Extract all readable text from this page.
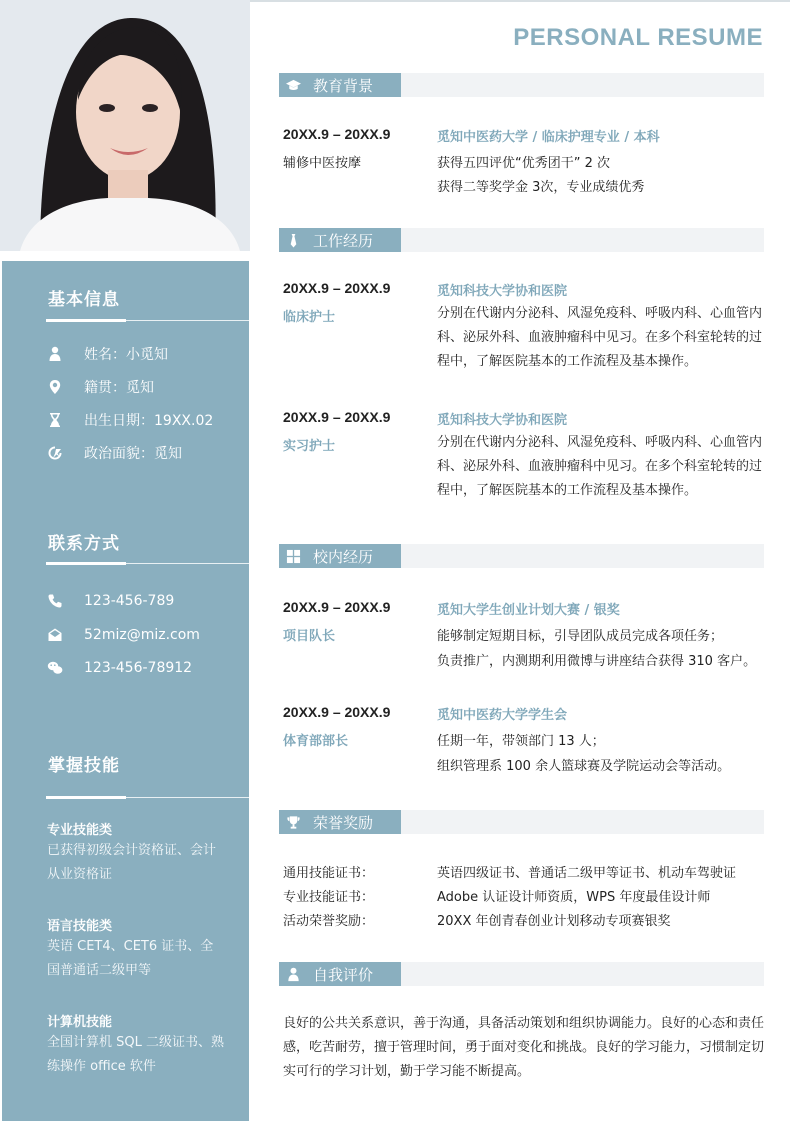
基本信息
姓名：小觅知
籍贯：觅知
出生日期：19XX.02
政治面貌：觅知
联系方式
123-456-789
52miz@miz.com
123-456-78912
掌握技能
专业技能类
已获得初级会计资格证、会计从业资格证
语言技能类
英语 CET4、CET6 证书、全国普通话二级甲等
计算机技能
全国计算机 SQL 二级证书、熟练操作 office 软件
PERSONAL RESUME
教育背景
20XX.9 – 20XX.9	觅知中医药大学 / 临床护理专业 / 本科
辅修中医按摩	获得五四评优“优秀团干” 2 次
获得二等奖学金 3次，专业成绩优秀
工作经历
20XX.9 – 20XX.9	觅知科技大学协和医院
临床护士	分别在代谢内分泌科、风湿免疫科、呼吸内科、心血管内科、泌尿外科、血液肿瘤科中见习。在多个科室轮转的过程中，了解医院基本的工作流程及基本操作。
20XX.9 – 20XX.9	觅知科技大学协和医院
实习护士	分别在代谢内分泌科、风湿免疫科、呼吸内科、心血管内科、泌尿外科、血液肿瘤科中见习。在多个科室轮转的过程中，了解医院基本的工作流程及基本操作。
校内经历
20XX.9 – 20XX.9	觅知大学生创业计划大赛 / 银奖
项目队长	能够制定短期目标，引导团队成员完成各项任务；
负责推广，内测期利用微博与讲座结合获得 310 客户。
20XX.9 – 20XX.9	觅知中医药大学学生会
体育部部长	任期一年，带领部门 13 人；
组织管理系 100 余人篮球赛及学院运动会等活动。
荣誉奖励
通用技能证书：	英语四级证书、普通话二级甲等证书、机动车驾驶证
专业技能证书：	Adobe 认证设计师资质，WPS 年度最佳设计师
活动荣誉奖励：	20XX 年创青春创业计划移动专项赛银奖
自我评价
良好的公共关系意识，善于沟通，具备活动策划和组织协调能力。良好的心态和责任感，吃苦耐劳，擅于管理时间，勇于面对变化和挑战。良好的学习能力，习惯制定切实可行的学习计划，勤于学习能不断提高。
